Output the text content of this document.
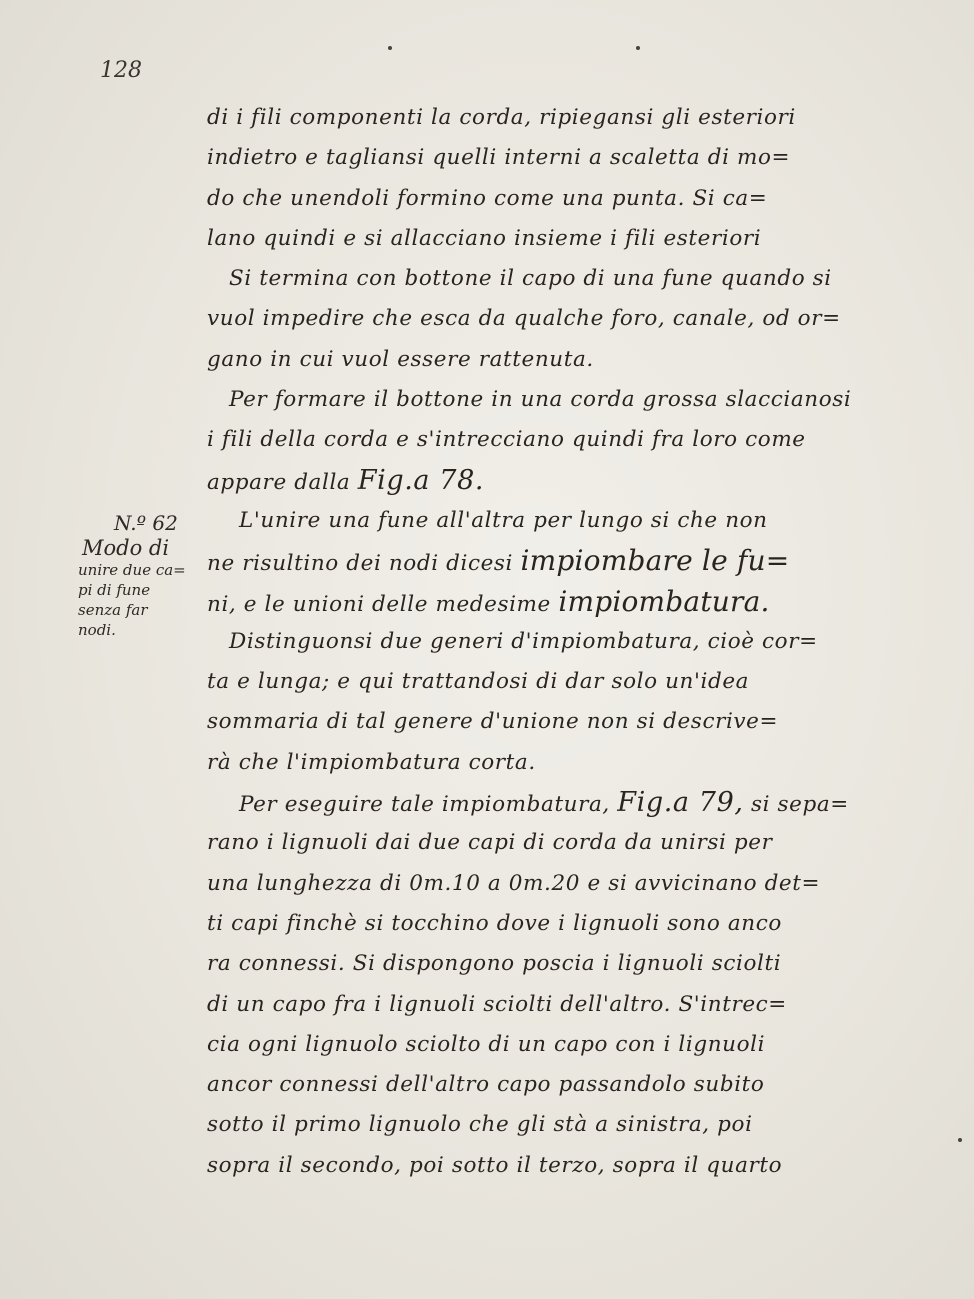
128
N.º 62
Modo di
unire due ca=
pi di fune
senza far
nodi.
di i fili componenti la corda, ripiegansi gli esteriori
indietro e tagliansi quelli interni a scaletta di mo=
do che unendoli formino come una punta. Si ca=
lano quindi e si allacciano insieme i fili esteriori
Si termina con bottone il capo di una fune quando si
vuol impedire che esca da qualche foro, canale, od or=
gano in cui vuol essere rattenuta.
Per formare il bottone in una corda grossa slaccianosi
i fili della corda e s'intrecciano quindi fra loro come
appare dalla Fig.a 78.
L'unire una fune all'altra per lungo si che non
ne risultino dei nodi dicesi impiombare le fu=
ni, e le unioni delle medesime impiombatura.
Distinguonsi due generi d'impiombatura, cioè cor=
ta e lunga; e qui trattandosi di dar solo un'idea
sommaria di tal genere d'unione non si descrive=
rà che l'impiombatura corta.
Per eseguire tale impiombatura, Fig.a 79, si sepa=
rano i lignuoli dai due capi di corda da unirsi per
una lunghezza di 0m.10 a 0m.20 e si avvicinano det=
ti capi finchè si tocchino dove i lignuoli sono anco
ra connessi. Si dispongono poscia i lignuoli sciolti
di un capo fra i lignuoli sciolti dell'altro. S'intrec=
cia ogni lignuolo sciolto di un capo con i lignuoli
ancor connessi dell'altro capo passandolo subito
sotto il primo lignuolo che gli stà a sinistra, poi
sopra il secondo, poi sotto il terzo, sopra il quarto
